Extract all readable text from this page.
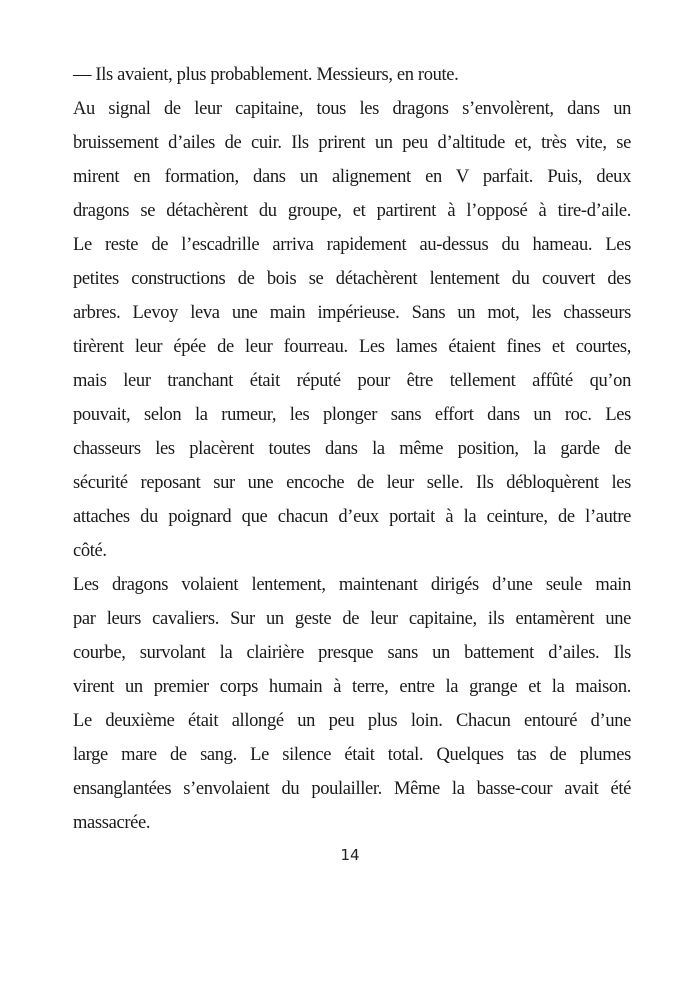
— Ils avaient, plus probablement. Messieurs, en route.
Au signal de leur capitaine, tous les dragons s’envolèrent, dans un
bruissement d’ailes de cuir. Ils prirent un peu d’altitude et, très vite, se
mirent en formation, dans un alignement en V parfait. Puis, deux
dragons se détachèrent du groupe, et partirent à l’opposé à tire-d’aile.
Le reste de l’escadrille arriva rapidement au-dessus du hameau. Les
petites constructions de bois se détachèrent lentement du couvert des
arbres. Levoy leva une main impérieuse. Sans un mot, les chasseurs
tirèrent leur épée de leur fourreau. Les lames étaient fines et courtes,
mais leur tranchant était réputé pour être tellement affûté qu’on
pouvait, selon la rumeur, les plonger sans effort dans un roc. Les
chasseurs les placèrent toutes dans la même position, la garde de
sécurité reposant sur une encoche de leur selle. Ils débloquèrent les
attaches du poignard que chacun d’eux portait à la ceinture, de l’autre
côté.
Les dragons volaient lentement, maintenant dirigés d’une seule main
par leurs cavaliers. Sur un geste de leur capitaine, ils entamèrent une
courbe, survolant la clairière presque sans un battement d’ailes. Ils
virent un premier corps humain à terre, entre la grange et la maison.
Le deuxième était allongé un peu plus loin. Chacun entouré d’une
large mare de sang. Le silence était total. Quelques tas de plumes
ensanglantées s’envolaient du poulailler. Même la basse-cour avait été
massacrée.
14
